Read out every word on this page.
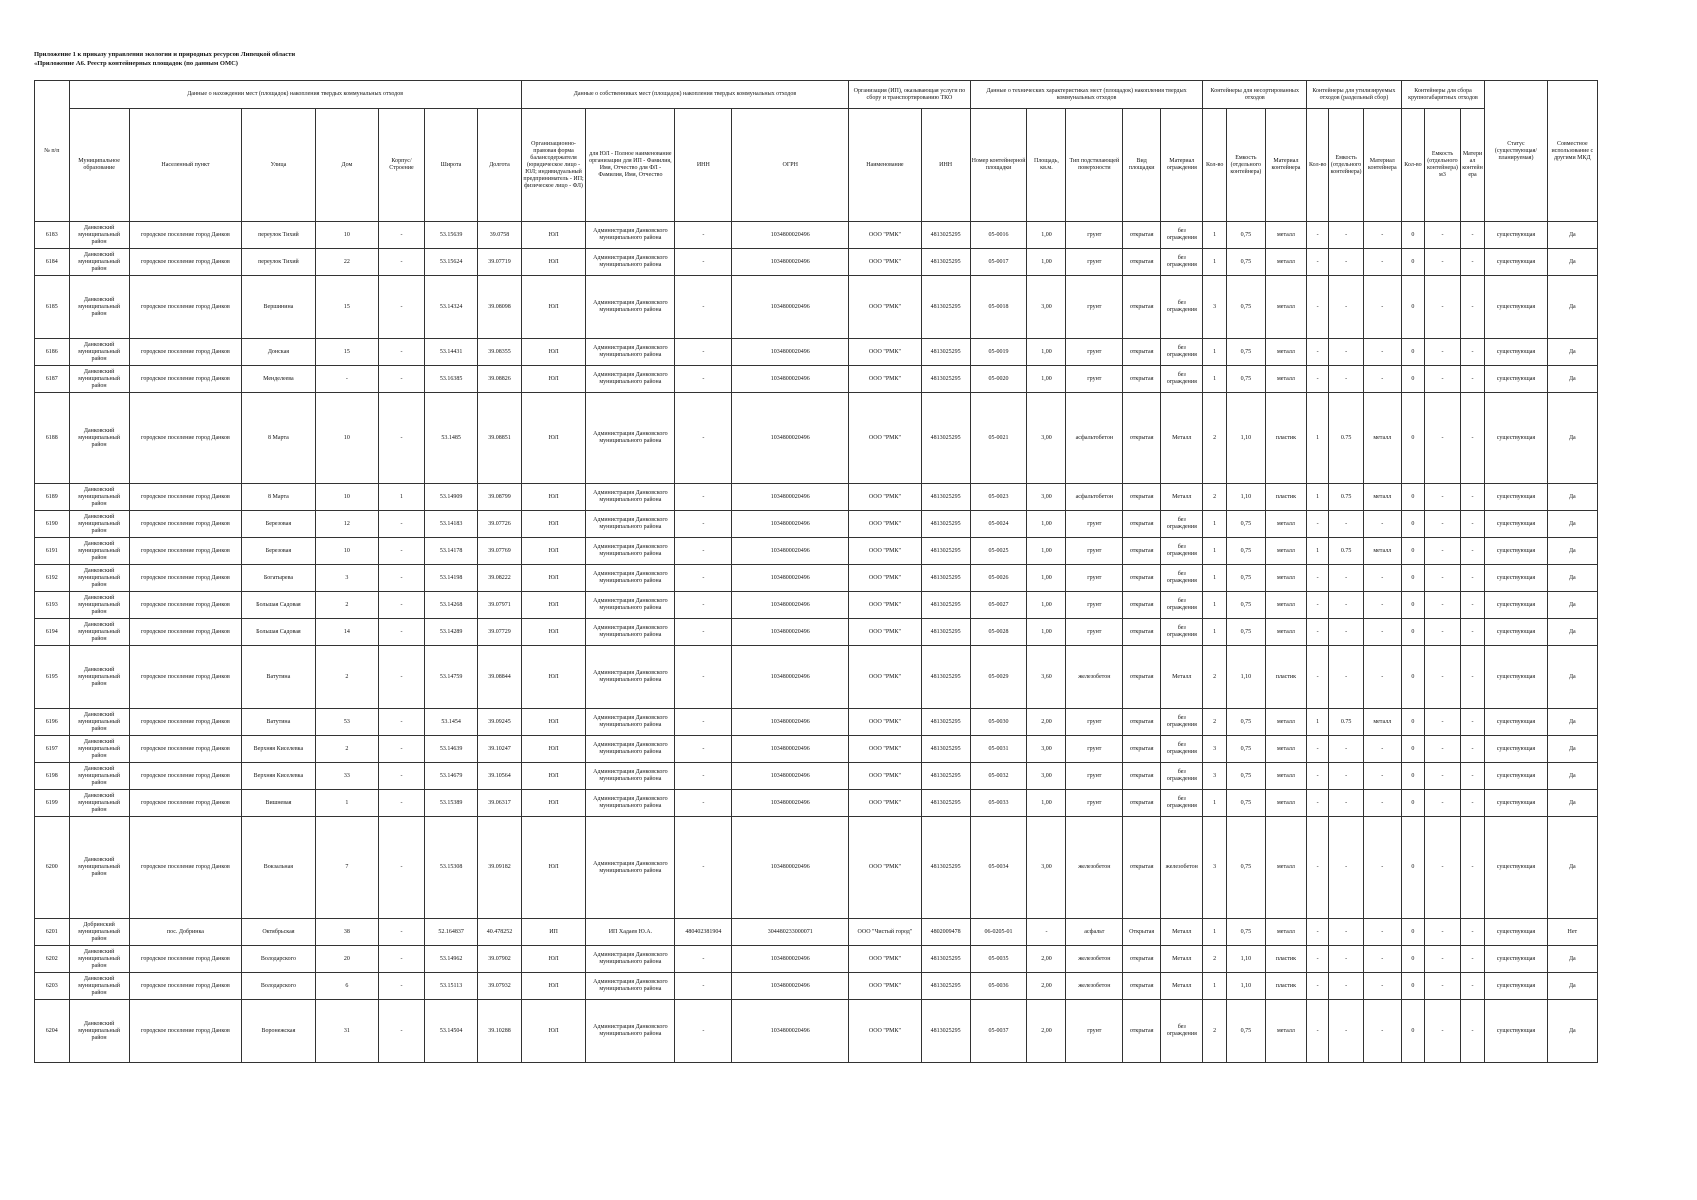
Приложение 1 к приказу управления экологии и природных ресурсов Липецкой области
«Приложение А6. Реестр контейнерных площадок (по данным ОМС)
№ п/п	Данные о нахождении мест (площадок) накопления твердых коммунальных отходов							Данные о собственниках мест (площадок) накопления твердых коммунальных отходов				Организация (ИП), оказывающая услуги по сбору и транспортированию ТКО		Данные о технических характеристиках мест (площадок) накопления твердых коммунальных отходов					Контейнеры для несортированных отходов			Контейнеры для утилизируемых отходов (раздельный сбор)			Контейнеры для сбора крупногабаритных отходов			Статус (существующая/ планируемая)	Совместное использование с другими МКД
	Муниципальное образование	Населенный пункт	Улица	Дом	Корпус/Строение	Широта	Долгота	Организационно-правовая форма балансодержателя (юридическое лицо - ЮЛ; индивидуальный предприниматель - ИП; физическое лицо - ФЛ)	для ЮЛ - Полное наименование организации для ИП - Фамилия, Имя, Отчество для ФЛ - Фамилия, Имя, Отчество	ИНН	ОГРН	Наименование	ИНН	Номер контейнерной площадки	Площадь, кв.м.	Тип подстилающей поверхности	Вид площадки	Материал ограждения	Кол-во	Емкость (отдельного контейнера)	Материал контейнера	Кол-во	Емкость (отдельного контейнера)	Материал контейнера	Кол-во	Емкость (отдельного контейнера) м3	Материал контейнера		
6183	Данковский муниципальный район	городское поселение город Данков	переулок Тихий	10	-	53.15639	39.0758	ЮЛ	Администрация Данковского муниципального района	-	1034800020496	ООО "РМК"	4813025295	05-0016	1,00	грунт	открытая	без ограждения	1	0,75	металл	-	-	-	0	-	-	существующая	Да
6184	Данковский муниципальный район	городское поселение город Данков	переулок Тихий	22	-	53.15624	39.07719	ЮЛ	Администрация Данковского муниципального района	-	1034800020496	ООО "РМК"	4813025295	05-0017	1,00	грунт	открытая	без ограждения	1	0,75	металл	-	-	-	0	-	-	существующая	Да
6185	Данковский муниципальный район	городское поселение город Данков	Вершинина	15	-	53.14324	39.08098	ЮЛ	Администрация Данковского муниципального района	-	1034800020496	ООО "РМК"	4813025295	05-0018	3,00	грунт	открытая	без ограждения	3	0,75	металл	-	-	-	0	-	-	существующая	Да
6186	Данковский муниципальный район	городское поселение город Данков	Донская	15	-	53.14431	39.08355	ЮЛ	Администрация Данковского муниципального района	-	1034800020496	ООО "РМК"	4813025295	05-0019	1,00	грунт	открытая	без ограждения	1	0,75	металл	-	-	-	0	-	-	существующая	Да
6187	Данковский муниципальный район	городское поселение город Данков	Менделеева	-	-	53.16385	39.08826	ЮЛ	Администрация Данковского муниципального района	-	1034800020496	ООО "РМК"	4813025295	05-0020	1,00	грунт	открытая	без ограждения	1	0,75	металл	-	-	-	0	-	-	существующая	Да
6188	Данковский муниципальный район	городское поселение город Данков	8 Марта	10	-	53.1485	39.08851	ЮЛ	Администрация Данковского муниципального района	-	1034800020496	ООО "РМК"	4813025295	05-0021	3,00	асфальтобетон	открытая	Металл	2	1,10	пластик	1	0.75	металл	0	-	-	существующая	Да
6189	Данковский муниципальный район	городское поселение город Данков	8 Марта	10	1	53.14909	39.08799	ЮЛ	Администрация Данковского муниципального района	-	1034800020496	ООО "РМК"	4813025295	05-0023	3,00	асфальтобетон	открытая	Металл	2	1,10	пластик	1	0.75	металл	0	-	-	существующая	Да
6190	Данковский муниципальный район	городское поселение город Данков	Березовая	12	-	53.14183	39.07726	ЮЛ	Администрация Данковского муниципального района	-	1034800020496	ООО "РМК"	4813025295	05-0024	1,00	грунт	открытая	без ограждения	1	0,75	металл	-	-	-	0	-	-	существующая	Да
6191	Данковский муниципальный район	городское поселение город Данков	Березовая	10	-	53.14178	39.07769	ЮЛ	Администрация Данковского муниципального района	-	1034800020496	ООО "РМК"	4813025295	05-0025	1,00	грунт	открытая	без ограждения	1	0,75	металл	1	0.75	металл	0	-	-	существующая	Да
6192	Данковский муниципальный район	городское поселение город Данков	Богатырева	3	-	53.14198	39.08222	ЮЛ	Администрация Данковского муниципального района	-	1034800020496	ООО "РМК"	4813025295	05-0026	1,00	грунт	открытая	без ограждения	1	0,75	металл	-	-	-	0	-	-	существующая	Да
6193	Данковский муниципальный район	городское поселение город Данков	Большая Садовая	2	-	53.14268	39.07971	ЮЛ	Администрация Данковского муниципального района	-	1034800020496	ООО "РМК"	4813025295	05-0027	1,00	грунт	открытая	без ограждения	1	0,75	металл	-	-	-	0	-	-	существующая	Да
6194	Данковский муниципальный район	городское поселение город Данков	Большая Садовая	14	-	53.14289	39.07729	ЮЛ	Администрация Данковского муниципального района	-	1034800020496	ООО "РМК"	4813025295	05-0028	1,00	грунт	открытая	без ограждения	1	0,75	металл	-	-	-	0	-	-	существующая	Да
6195	Данковский муниципальный район	городское поселение город Данков	Ватутина	2	-	53.14759	39.08844	ЮЛ	Администрация Данковского муниципального района	-	1034800020496	ООО "РМК"	4813025295	05-0029	3,60	железобетон	открытая	Металл	2	1,10	пластик	-	-	-	0	-	-	существующая	Да
6196	Данковский муниципальный район	городское поселение город Данков	Ватутина	53	-	53.1454	39.09245	ЮЛ	Администрация Данковского муниципального района	-	1034800020496	ООО "РМК"	4813025295	05-0030	2,00	грунт	открытая	без ограждения	2	0,75	металл	1	0.75	металл	0	-	-	существующая	Да
6197	Данковский муниципальный район	городское поселение город Данков	Верхняя Киселевка	2	-	53.14639	39.10247	ЮЛ	Администрация Данковского муниципального района	-	1034800020496	ООО "РМК"	4813025295	05-0031	3,00	грунт	открытая	без ограждения	3	0,75	металл	-	-	-	0	-	-	существующая	Да
6198	Данковский муниципальный район	городское поселение город Данков	Верхняя Киселевка	33	-	53.14679	39.10564	ЮЛ	Администрация Данковского муниципального района	-	1034800020496	ООО "РМК"	4813025295	05-0032	3,00	грунт	открытая	без ограждения	3	0,75	металл	-	-	-	0	-	-	существующая	Да
6199	Данковский муниципальный район	городское поселение город Данков	Вишневая	1	-	53.15389	39.06317	ЮЛ	Администрация Данковского муниципального района	-	1034800020496	ООО "РМК"	4813025295	05-0033	1,00	грунт	открытая	без ограждения	1	0,75	металл	-	-	-	0	-	-	существующая	Да
6200	Данковский муниципальный район	городское поселение город Данков	Вокзальная	7	-	53.15308	39.09182	ЮЛ	Администрация Данковского муниципального района	-	1034800020496	ООО "РМК"	4813025295	05-0034	3,00	железобетон	открытая	железобетон	3	0,75	металл	-	-	-	0	-	-	существующая	Да
6201	Добринский муниципальный район	пос. Добринка	Октябрьская	38	-	52.164837	40.478252	ИП	ИП Хадаев Ю.А.	480402381904	304480233000071	ООО "Чистый город"	4802009478	06-0205-01	-	асфальт	Открытая	Металл	1	0,75	металл	-	-	-	0	-	-	существующая	Нет
6202	Данковский муниципальный район	городское поселение город Данков	Володарского	20	-	53.14962	39.07902	ЮЛ	Администрация Данковского муниципального района	-	1034800020496	ООО "РМК"	4813025295	05-0035	2,00	железобетон	открытая	Металл	2	1,10	пластик	-	-	-	0	-	-	существующая	Да
6203	Данковский муниципальный район	городское поселение город Данков	Володарского	6	-	53.15113	39.07932	ЮЛ	Администрация Данковского муниципального района	-	1034800020496	ООО "РМК"	4813025295	05-0036	2,00	железобетон	открытая	Металл	1	1,10	пластик	-	-	-	0	-	-	существующая	Да
6204	Данковский муниципальный район	городское поселение город Данков	Воронежская	31	-	53.14504	39.10288	ЮЛ	Администрация Данковского муниципального района	-	1034800020496	ООО "РМК"	4813025295	05-0037	2,00	грунт	открытая	без ограждения	2	0,75	металл	-	-	-	0	-	-	существующая	Да
